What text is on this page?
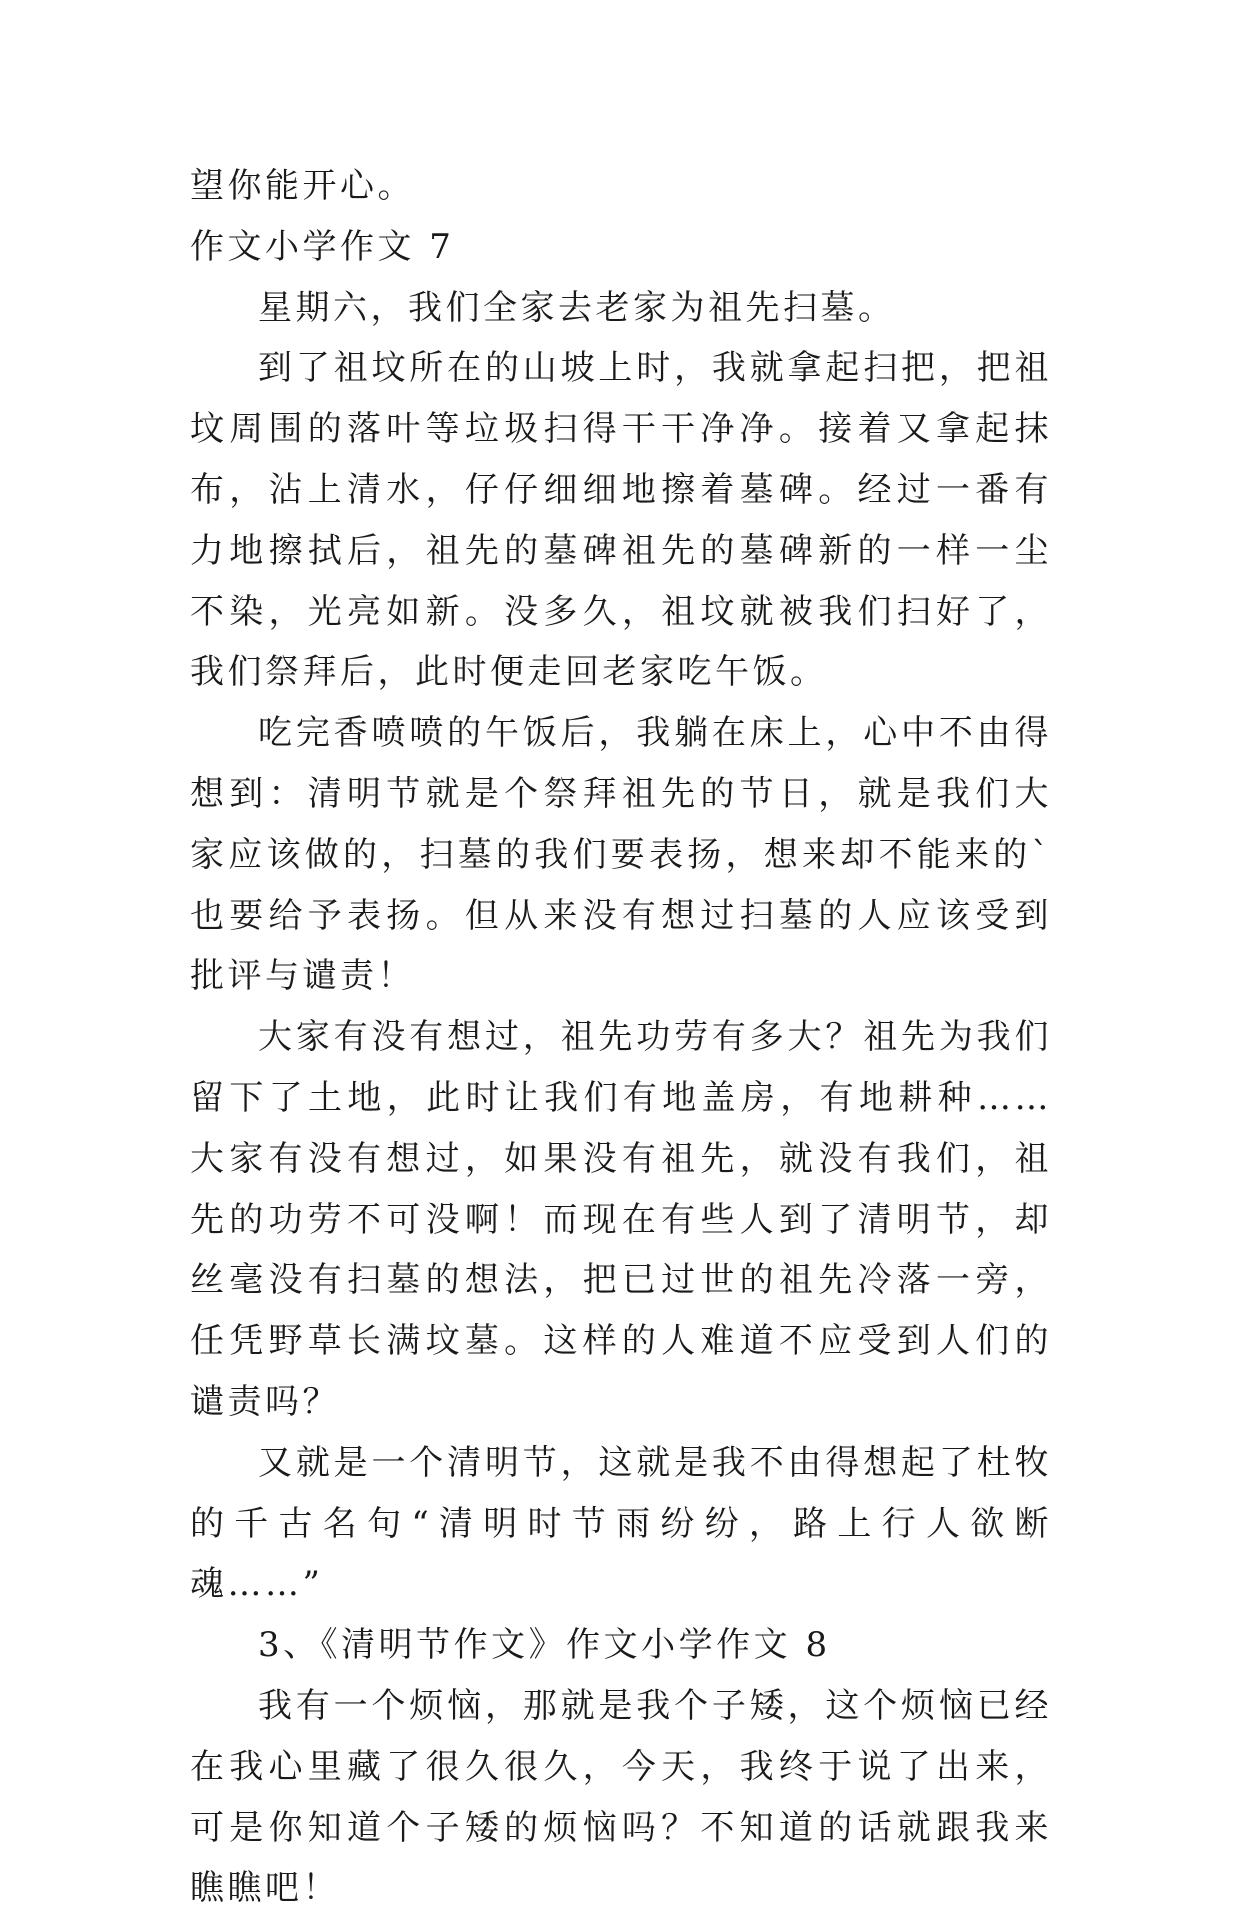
望你能开心。

作文小学作文 7

星期六，我们全家去老家为祖先扫墓。

到了祖坟所在的山坡上时，我就拿起扫把，把祖坟周围的落叶等垃圾扫得干干净净。接着又拿起抹布，沾上清水，仔仔细细地擦着墓碑。经过一番有力地擦拭后，祖先的墓碑祖先的墓碑新的一样一尘不染，光亮如新。没多久，祖坟就被我们扫好了，我们祭拜后，此时便走回老家吃午饭。

吃完香喷喷的午饭后，我躺在床上，心中不由得想到：清明节就是个祭拜祖先的节日，就是我们大家应该做的，扫墓的我们要表扬，想来却不能来的`也要给予表扬。但从来没有想过扫墓的人应该受到批评与谴责！

大家有没有想过，祖先功劳有多大？祖先为我们留下了土地，此时让我们有地盖房，有地耕种……大家有没有想过，如果没有祖先，就没有我们，祖先的功劳不可没啊！而现在有些人到了清明节，却丝毫没有扫墓的想法，把已过世的祖先冷落一旁，任凭野草长满坟墓。这样的人难道不应受到人们的谴责吗？

又就是一个清明节，这就是我不由得想起了杜牧的千古名句“清明时节雨纷纷，路上行人欲断魂……”

3、《清明节作文》作文小学作文 8

我有一个烦恼，那就是我个子矮，这个烦恼已经在我心里藏了很久很久，今天，我终于说了出来，可是你知道个子矮的烦恼吗？不知道的话就跟我来瞧瞧吧！
